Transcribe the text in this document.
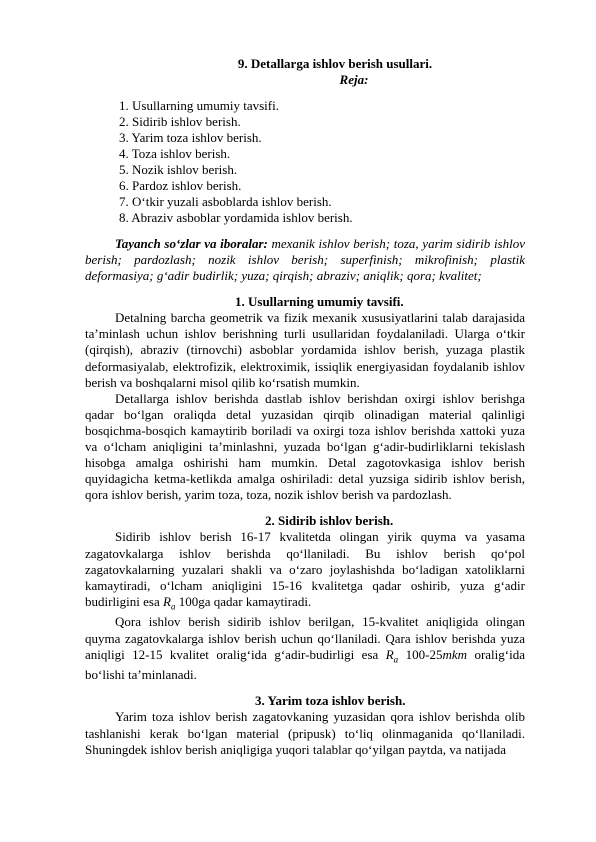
9. Detallarga ishlov berish usullari.
Reja:
1. Usullarning umumiy tavsifi.
2. Sidirib ishlov berish.
3. Yarim toza ishlov berish.
4. Toza ishlov berish.
5. Nozik ishlov berish.
6. Pardoz ishlov berish.
7. O‘tkir yuzali asboblarda ishlov berish.
8. Abraziv asboblar yordamida ishlov berish.

Tayanch so‘zlar va iboralar: mexanik ishlov berish; toza, yarim sidirib ishlov berish; pardozlash; nozik ishlov berish; superfinish; mikrofinish; plastik deformasiya; g‘adir budirlik; yuza; qirqish; abraziv; aniqlik; qora; kvalitet;

1. Usullarning umumiy tavsifi.

Detalning barcha geometrik va fizik mexanik xususiyatlarini talab darajasida ta’minlash uchun ishlov berishning turli usullaridan foydalaniladi. Ularga o‘tkir (qirqish), abraziv (tirnovchi) asboblar yordamida ishlov berish, yuzaga plastik deformasiyalab, elektrofizik, elektroximik, issiqlik energiyasidan foydalanib ishlov berish va boshqalarni misol qilib ko‘rsatish mumkin.

Detallarga ishlov berishda dastlab ishlov berishdan oxirgi ishlov berishga qadar bo‘lgan oraliqda detal yuzasidan qirqib olinadigan material qalinligi bosqichma-bosqich kamaytirib boriladi va oxirgi toza ishlov berishda xattoki yuza va o‘lcham aniqligini ta’minlashni, yuzada bo‘lgan g‘adir-budirliklarni tekislash hisobga amalga oshirishi ham mumkin. Detal zagotovkasiga ishlov berish quyidagicha ketma-ketlikda amalga oshiriladi: detal yuzsiga sidirib ishlov berish, qora ishlov berish, yarim toza, toza, nozik ishlov berish va pardozlash.

2. Sidirib ishlov berish.

Sidirib ishlov berish 16-17 kvalitetda olingan yirik quyma va yasama zagatovkalarga ishlov berishda qo‘llaniladi. Bu ishlov berish qo‘pol zagatovkalarning yuzalari shakli va o‘zaro joylashishda bo‘ladigan xatoliklarni kamaytiradi, o‘lcham aniqligini 15-16 kvalitetga qadar oshirib, yuza g‘adir budirligini esa $R_a$ 100ga qadar kamaytiradi.

Qora ishlov berish sidirib ishlov berilgan, 15-kvalitet aniqligida olingan quyma zagatovkalarga ishlov berish uchun qo‘llaniladi. Qara ishlov berishda yuza aniqligi 12-15 kvalitet oralig‘ida g‘adir-budirligi esa $R_a$ 100-25mkm oralig‘ida bo‘lishi ta’minlanadi.

3. Yarim toza ishlov berish.

Yarim toza ishlov berish zagatovkaning yuzasidan qora ishlov berishda olib tashlanishi kerak bo‘lgan material (pripusk) to‘liq olinmaganida qo‘llaniladi. Shuningdek ishlov berish aniqligiga yuqori talablar qo‘yilgan paytda, va natijada
